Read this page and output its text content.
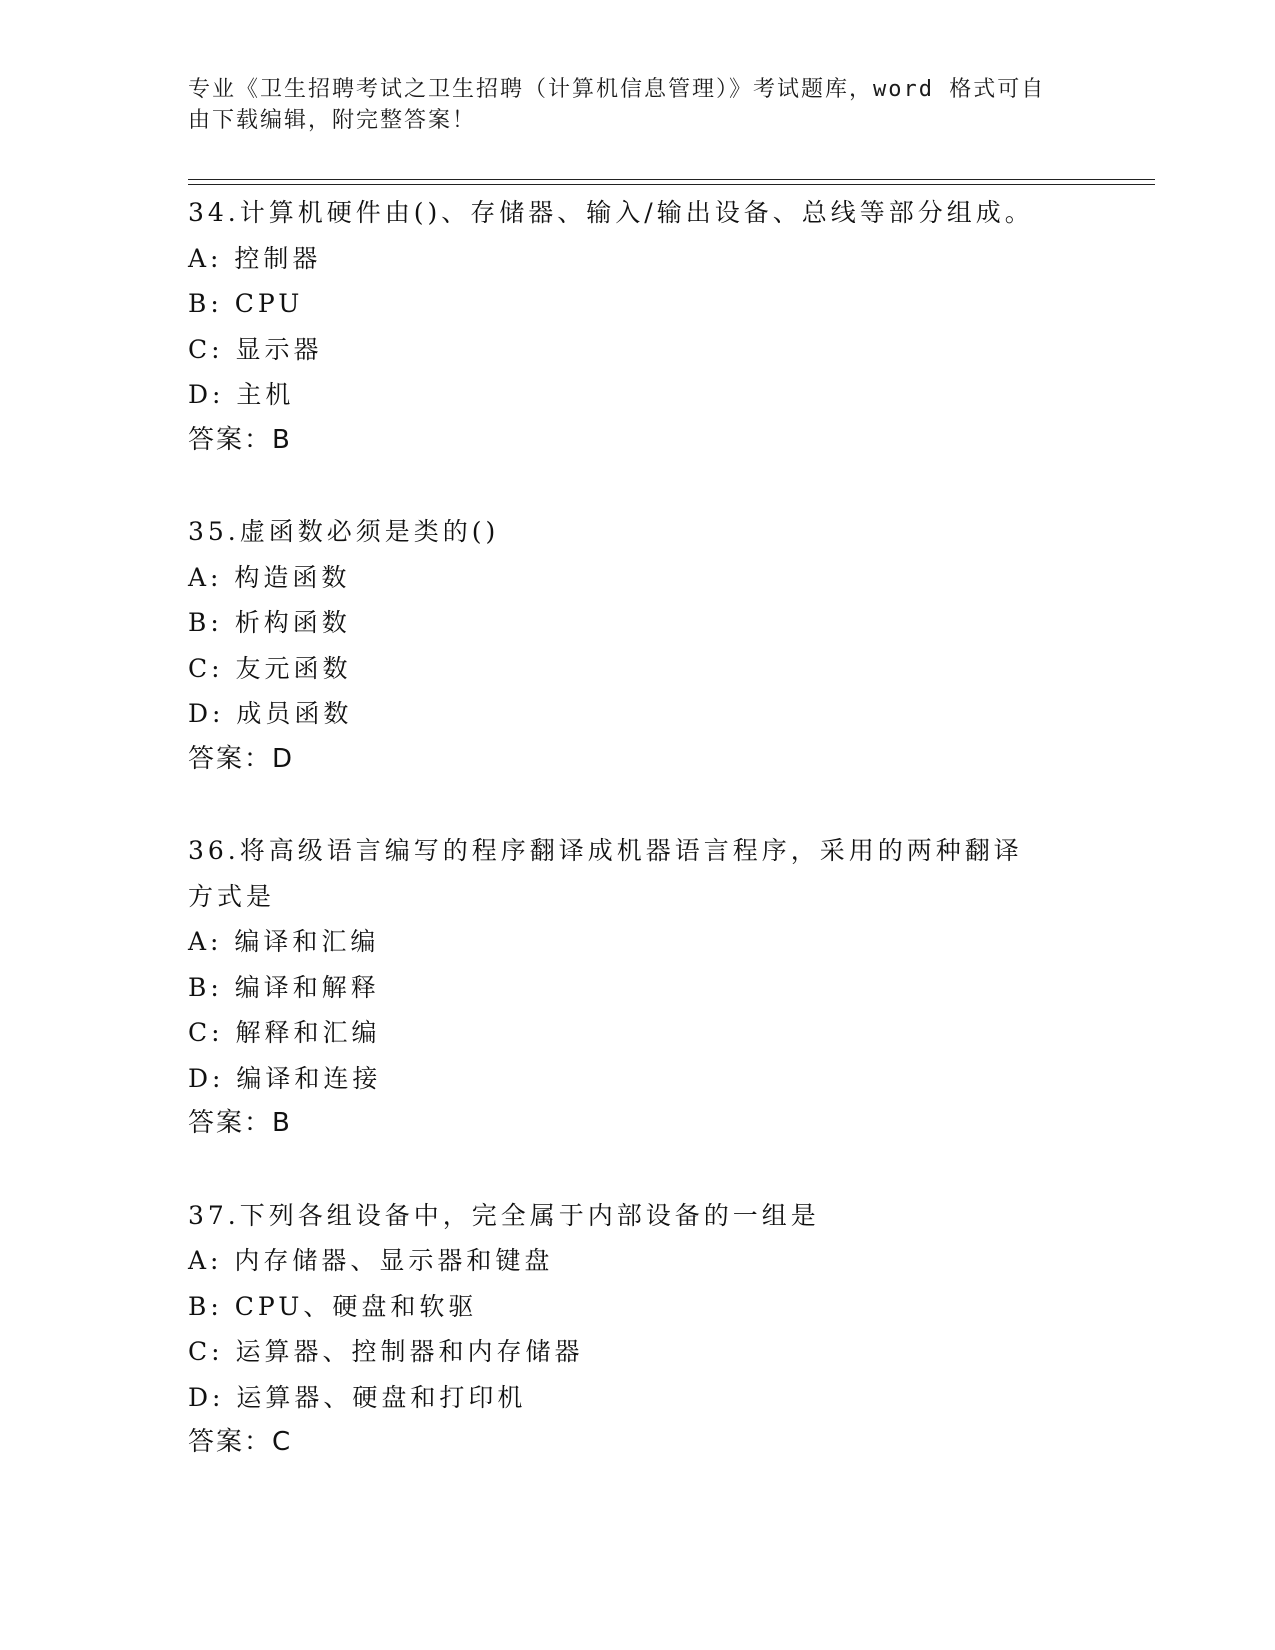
专业《卫生招聘考试之卫生招聘（计算机信息管理）》考试题库，word 格式可自
由下载编辑，附完整答案！
34.计算机硬件由()、存储器、输入/输出设备、总线等部分组成。
A: 控制器
B: CPU
C: 显示器
D: 主机
答案：B
35.虚函数必须是类的()
A: 构造函数
B: 析构函数
C: 友元函数
D: 成员函数
答案：D
36.将高级语言编写的程序翻译成机器语言程序，采用的两种翻译方式是
A: 编译和汇编
B: 编译和解释
C: 解释和汇编
D: 编译和连接
答案：B
37.下列各组设备中，完全属于内部设备的一组是
A: 内存储器、显示器和键盘
B: CPU、硬盘和软驱
C: 运算器、控制器和内存储器
D: 运算器、硬盘和打印机
答案：C
